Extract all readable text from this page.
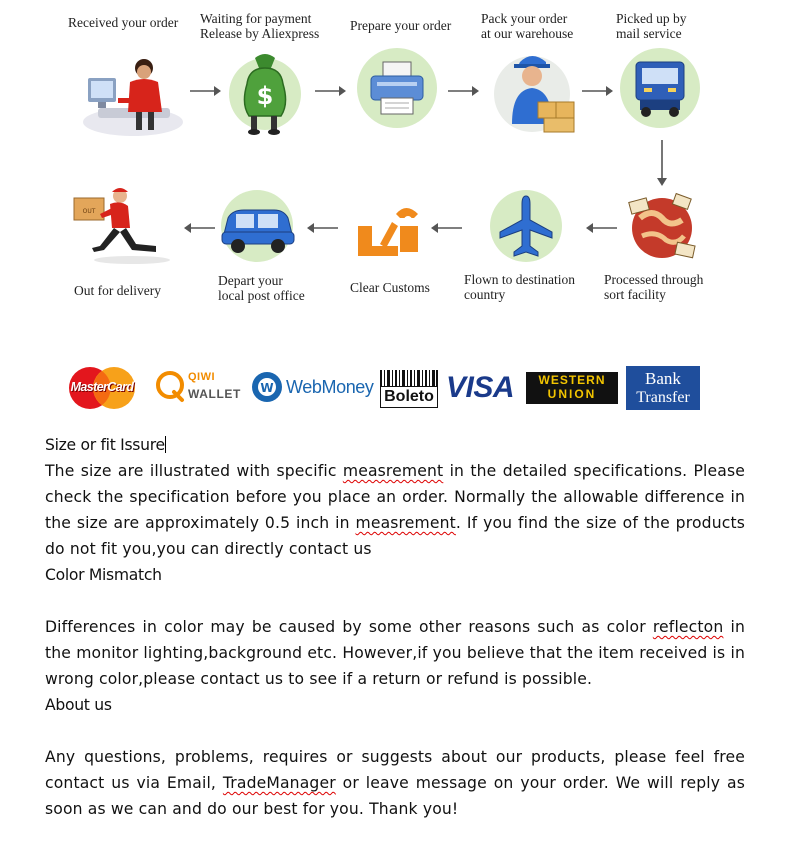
Received your order Waiting for payment
Release by Aliexpress
Prepare your order Pack your order
at our warehouse
Picked up by
mail service
$
OUT
Processed through
sort facility
Flown to destination
country
Clear Customs
Depart your
local post office
Out for delivery
MasterCard
QIWI
WALLET W WebMoney Boleto VISA	WESTERN
UNION
Bank
Transfer

Size or fit Issure

The size are illustrated with specific measrement in the detailed specifications. Please check the specification before you place an order. Normally the allowable difference in the size are approximately 0.5 inch in measrement. If you find the size of the products do not fit you,you can directly contact us

Color Mismatch

Differences in color may be caused by some other reasons such as color reflecton in the monitor lighting,background etc. However,if you believe that the item received is in wrong color,please contact us to see if a return or refund is possible.

About us

Any questions, problems, requires or suggests about our products, please feel free contact us via Email, TradeManager or leave message on your order. We will reply as soon as we can and do our best for you. Thank you!
